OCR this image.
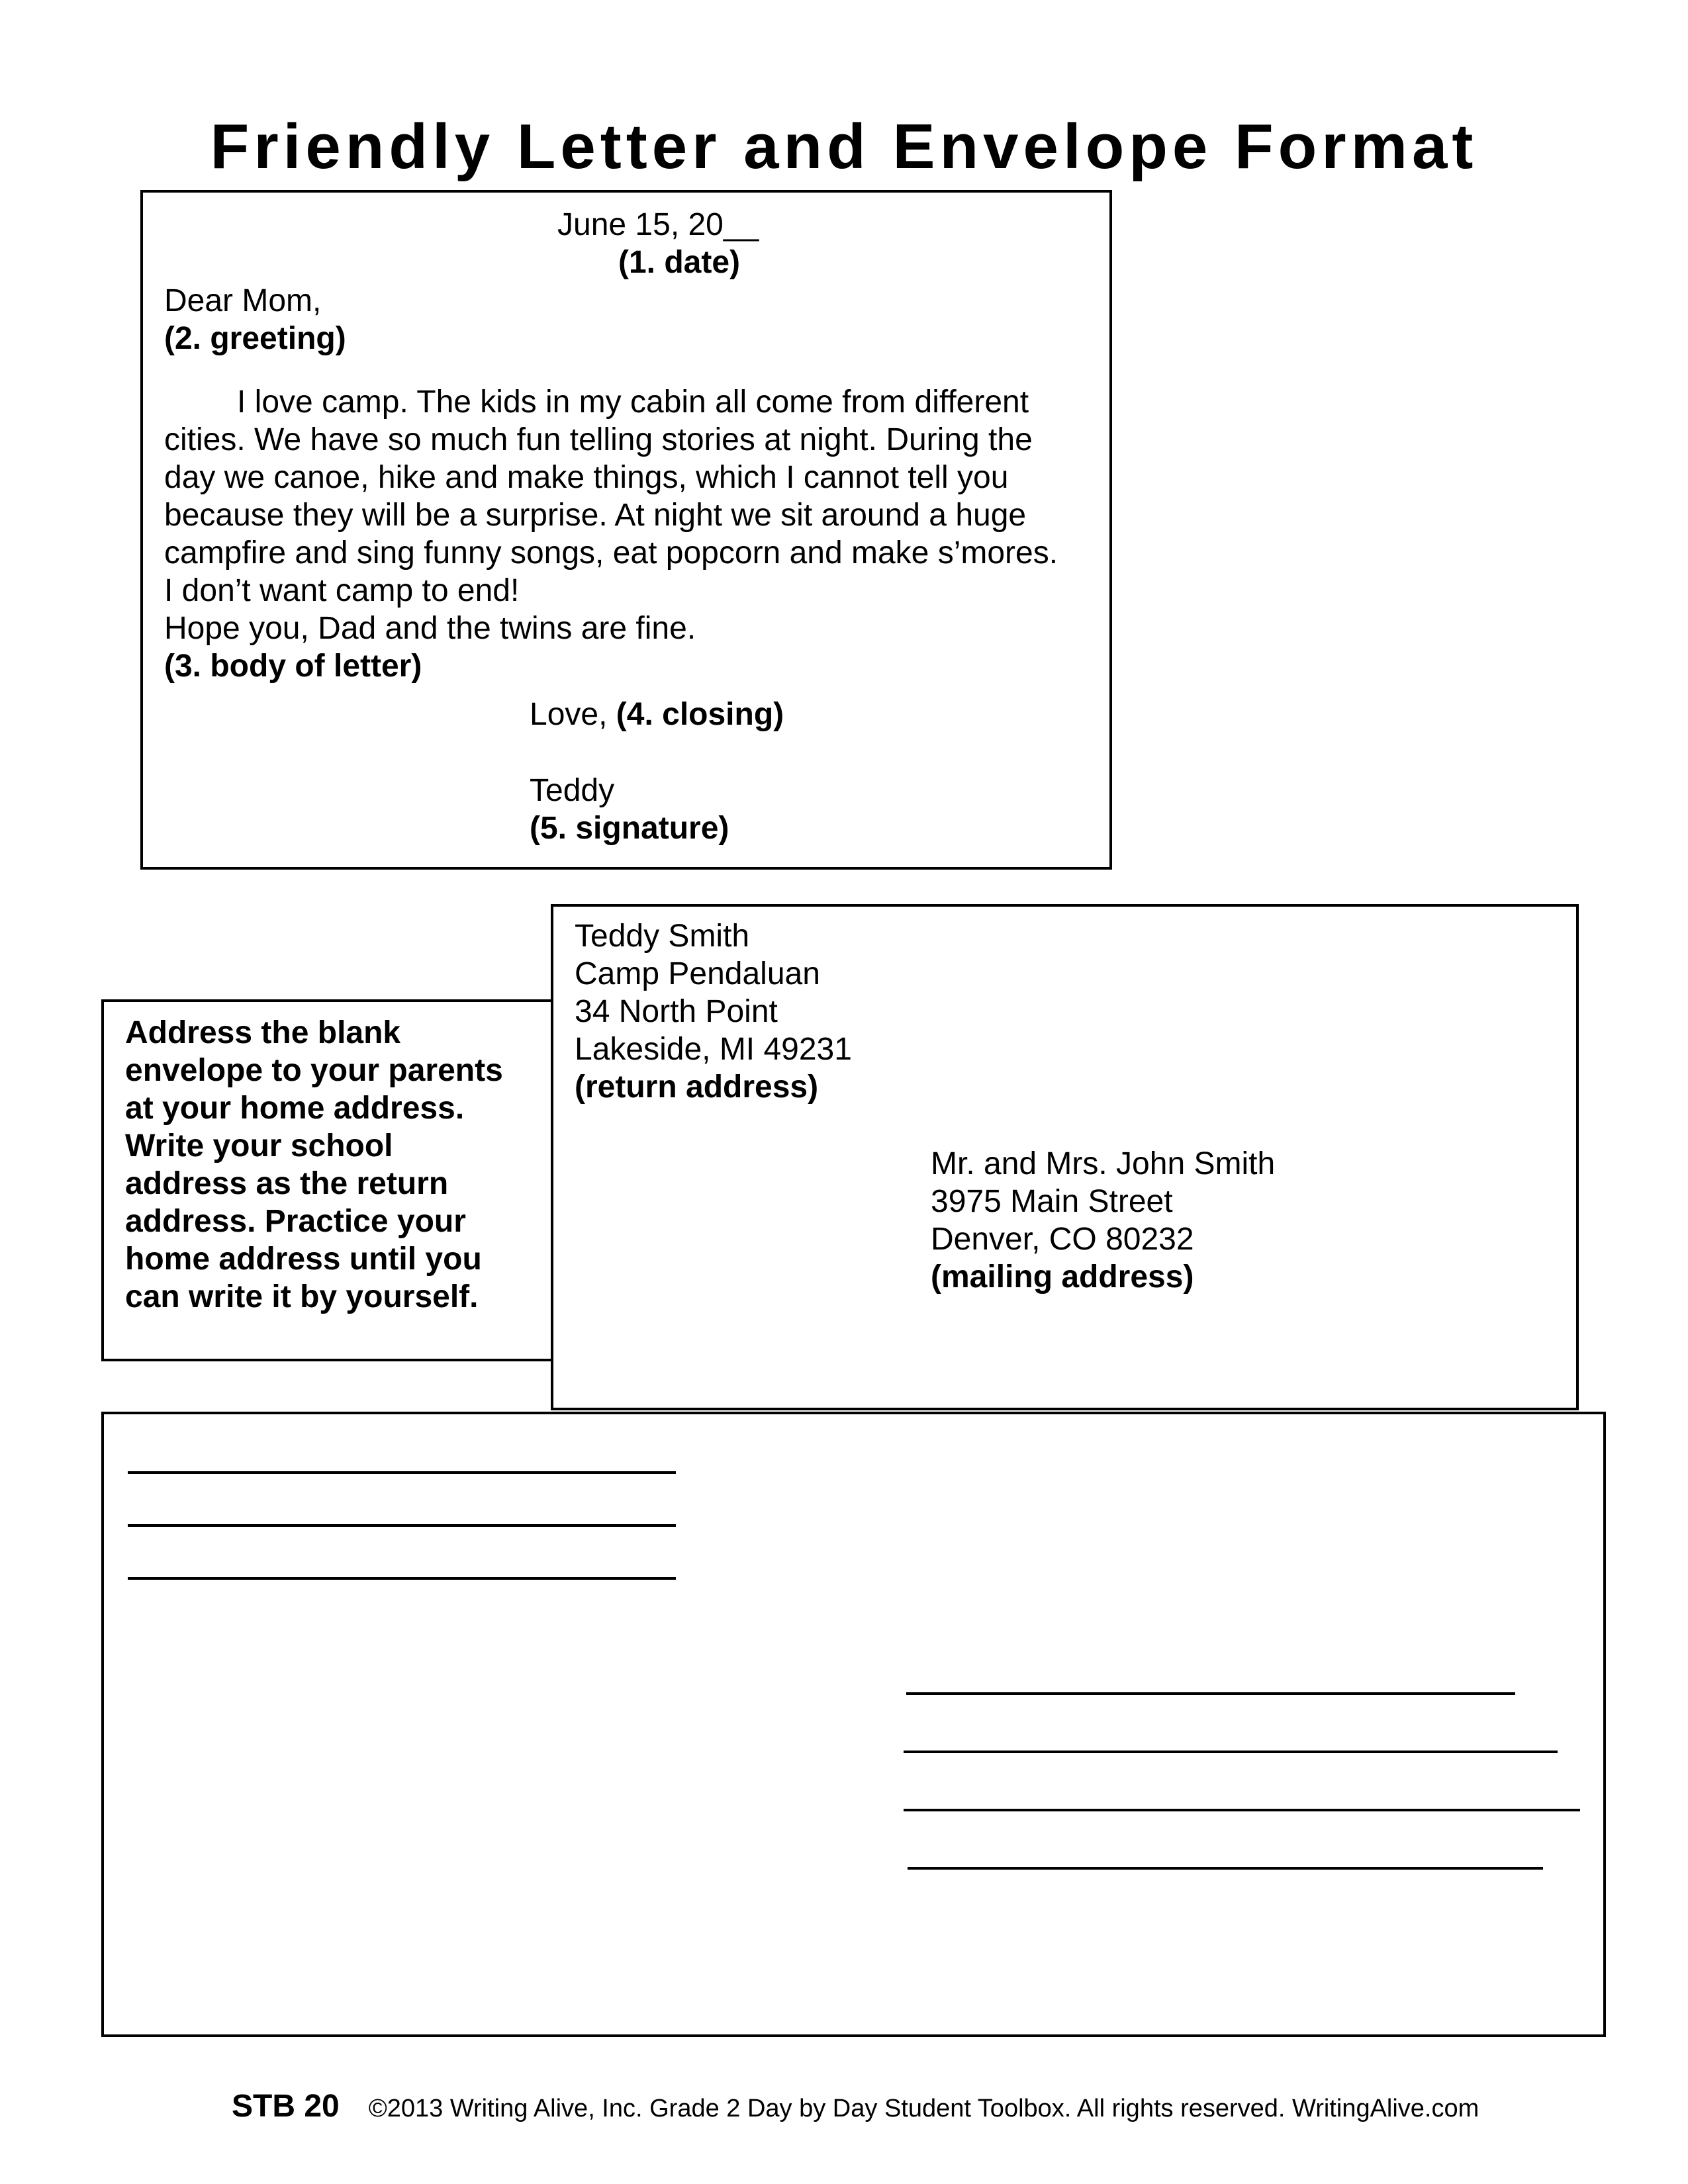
Friendly Letter and Envelope Format
June 15, 20__
(1. date)
Dear Mom,
(2. greeting)
I love camp. The kids in my cabin all come from different
cities. We have so much fun telling stories at night. During the
day we canoe, hike and make things, which I cannot tell you
because they will be a surprise. At night we sit around a huge
campfire and sing funny songs, eat popcorn and make s’mores.
I don’t want camp to end!
Hope you, Dad and the twins are fine.
(3. body of letter)
Love, (4. closing)
Teddy
(5. signature)
Address the blank
envelope to your parents
at your home address.
Write your school
address as the return
address. Practice your
home address until you
can write it by yourself.
Teddy Smith
Camp Pendaluan
34 North Point
Lakeside, MI 49231
(return address)
Mr. and Mrs. John Smith
3975 Main Street
Denver, CO 80232
(mailing address)
STB 20 ©2013 Writing Alive, Inc. Grade 2 Day by Day Student Toolbox. All rights reserved. WritingAlive.com
